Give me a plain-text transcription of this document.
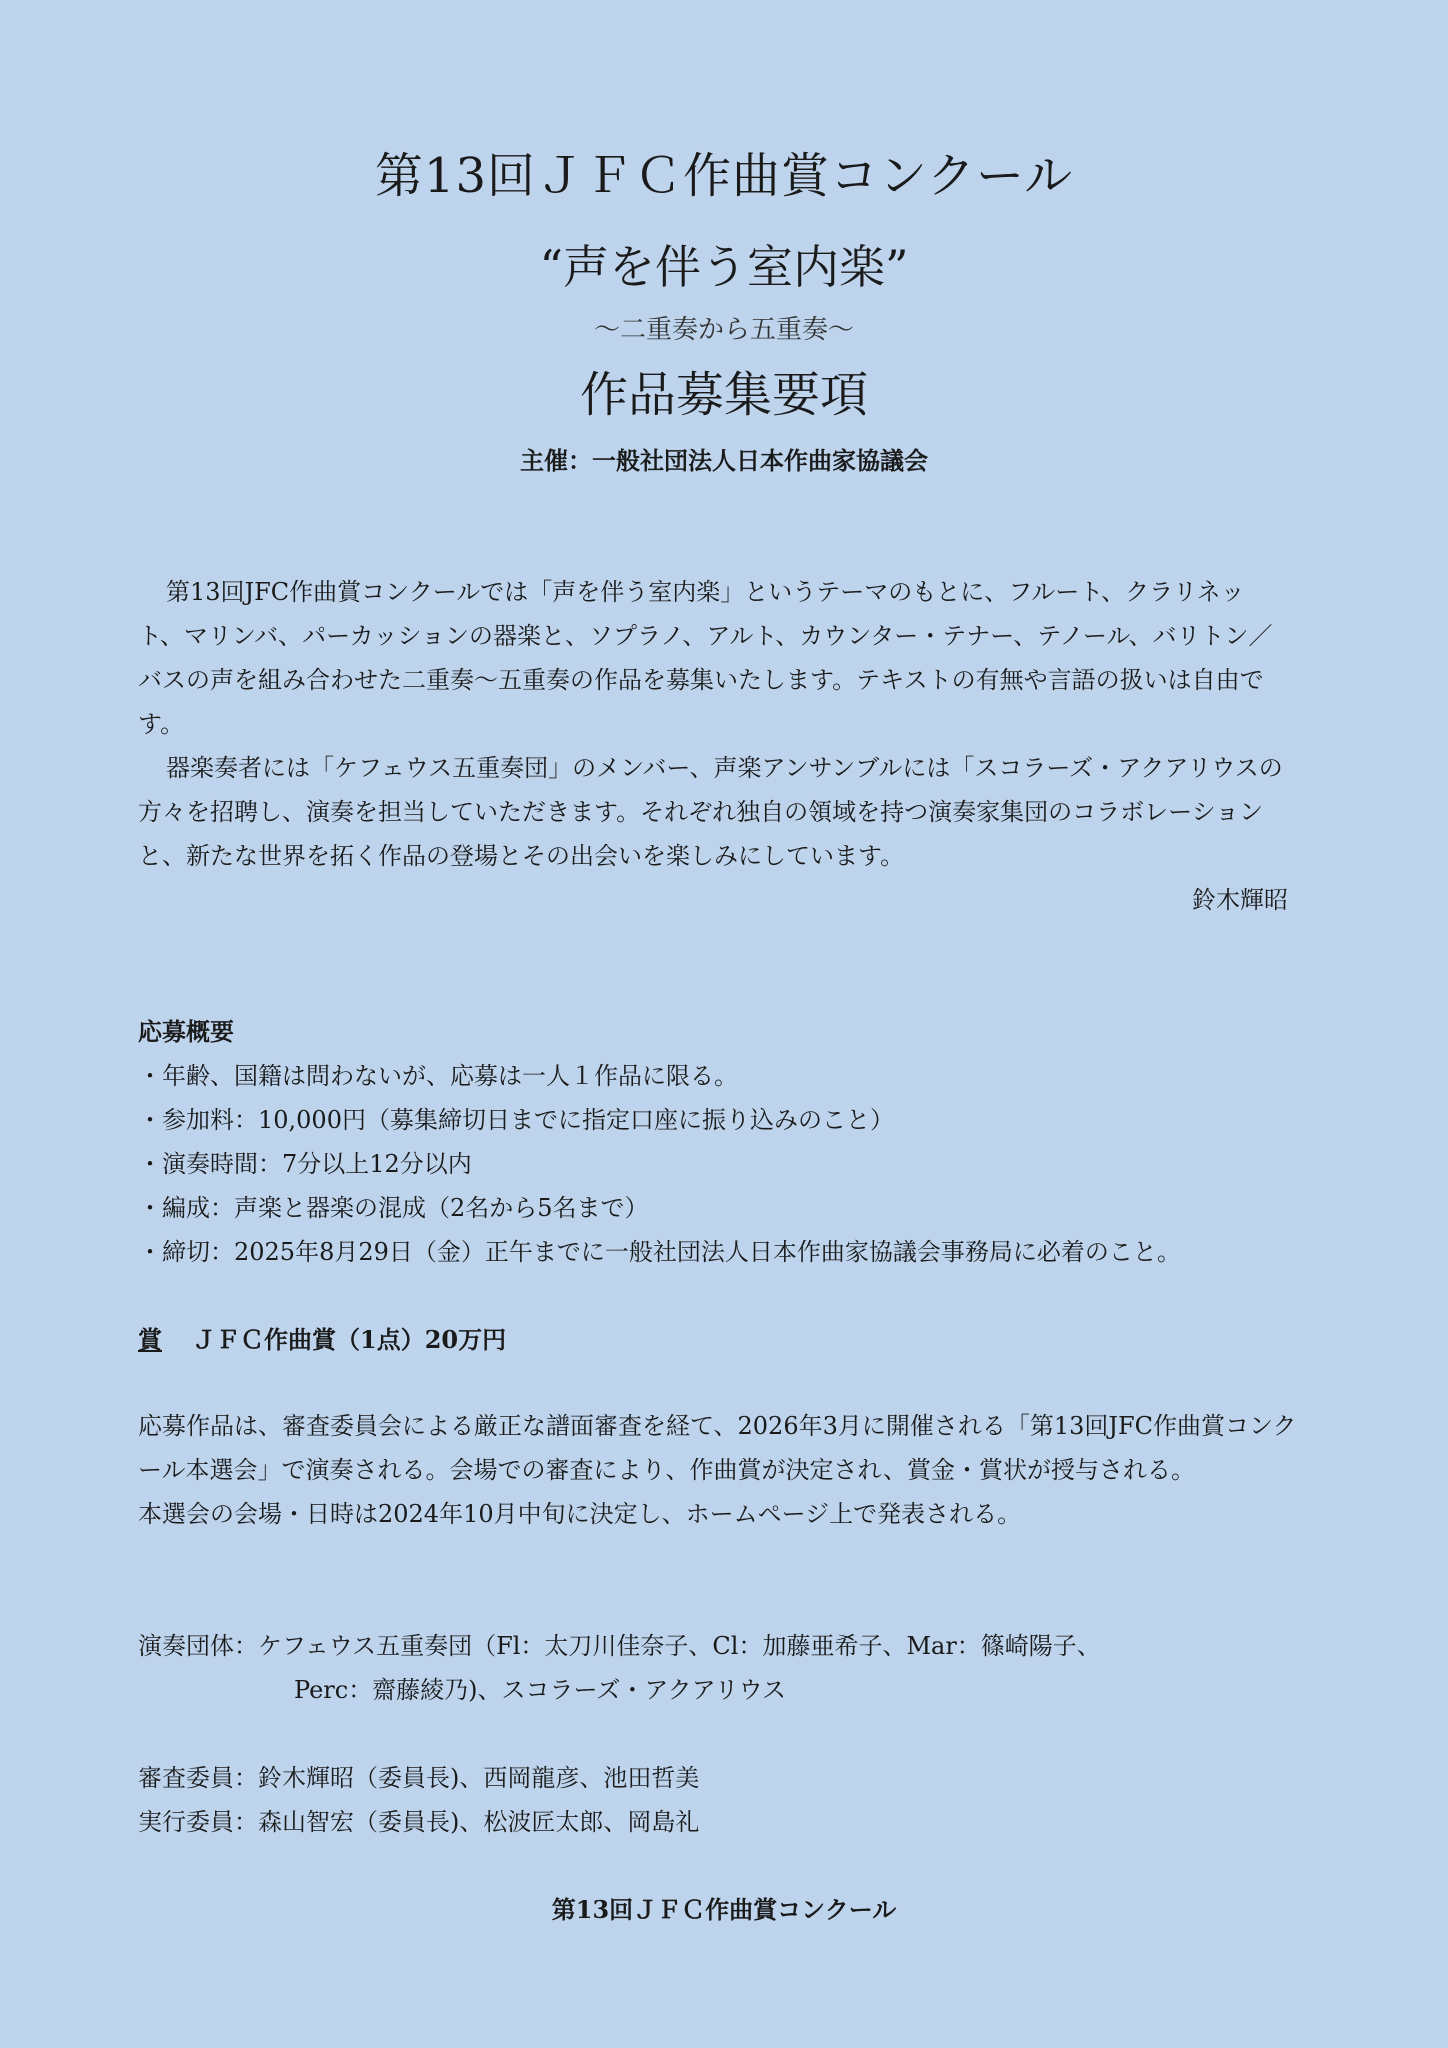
第13回ＪＦＣ作曲賞コンクール
“声を伴う室内楽”
～二重奏から五重奏～
作品募集要項
主催：一般社団法人日本作曲家協議会

第13回JFC作曲賞コンクールでは「声を伴う室内楽」というテーマのもとに、フルート、クラリネット、マリンバ、パーカッションの器楽と、ソプラノ、アルト、カウンター・テナー、テノール、バリトン／バスの声を組み合わせた二重奏～五重奏の作品を募集いたします。テキストの有無や言語の扱いは自由です。

器楽奏者には「ケフェウス五重奏団」のメンバー、声楽アンサンブルには「スコラーズ・アクアリウスの方々を招聘し、演奏を担当していただきます。それぞれ独自の領域を持つ演奏家集団のコラボレーションと、新たな世界を拓く作品の登場とその出会いを楽しみにしています。

鈴木輝昭

応募概要

・年齢、国籍は問わないが、応募は一人１作品に限る。
・参加料：10,000円（募集締切日までに指定口座に振り込みのこと）
・演奏時間：7分以上12分以内
・編成：声楽と器楽の混成（2名から5名まで）
・締切：2025年8月29日（金）正午までに一般社団法人日本作曲家協議会事務局に必着のこと。
賞 ＪＦＣ作曲賞（1点）20万円

応募作品は、審査委員会による厳正な譜面審査を経て、2026年3月に開催される「第13回JFC作曲賞コンクール本選会」で演奏される。会場での審査により、作曲賞が決定され、賞金・賞状が授与される。

本選会の会場・日時は2024年10月中旬に決定し、ホームページ上で発表される。

演奏団体：ケフェウス五重奏団（Fl：太刀川佳奈子、Cl：加藤亜希子、Mar：篠崎陽子、
Perc：齋藤綾乃)、スコラーズ・アクアリウス
審査委員：鈴木輝昭（委員長)、西岡龍彦、池田哲美
実行委員：森山智宏（委員長)、松波匠太郎、岡島礼
第13回ＪＦＣ作曲賞コンクール
